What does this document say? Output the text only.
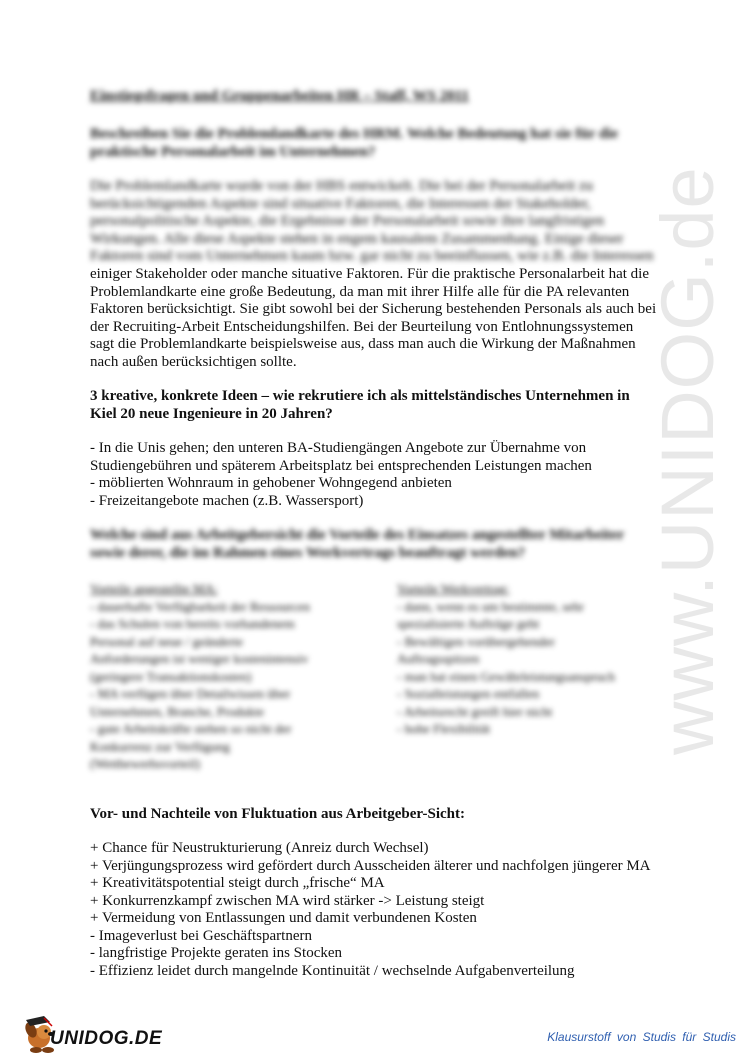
www.UNIDOG.de
Einstiegsfragen und Gruppenarbeiten HR – Staff, WS 2011
Beschreiben Sie die Problemlandkarte des HRM. Welche Bedeutung hat sie für die
praktische Personalarbeit im Unternehmen?
Die Problemlandkarte wurde von der HBS entwickelt. Die bei der Personalarbeit zu
berücksichtigenden Aspekte sind situative Faktoren, die Interessen der Stakeholder,
personalpolitische Aspekte, die Ergebnisse der Personalarbeit sowie ihre langfristigen
Wirkungen. Alle diese Aspekte stehen in engem kausalem Zusammenhang. Einige dieser
Faktoren sind vom Unternehmen kaum bzw. gar nicht zu beeinflussen, wie z.B. die Interessen
einiger Stakeholder oder manche situative Faktoren. Für die praktische Personalarbeit hat die
Problemlandkarte eine große Bedeutung, da man mit ihrer Hilfe alle für die PA relevanten
Faktoren berücksichtigt. Sie gibt sowohl bei der Sicherung bestehenden Personals als auch bei
der Recruiting-Arbeit Entscheidungshilfen. Bei der Beurteilung von Entlohnungssystemen
sagt die Problemlandkarte beispielsweise aus, dass man auch die Wirkung der Maßnahmen
nach außen berücksichtigen sollte.
3 kreative, konkrete Ideen – wie rekrutiere ich als mittelständisches Unternehmen in
Kiel 20 neue Ingenieure in 20 Jahren?
- In die Unis gehen; den unteren BA-Studiengängen Angebote zur Übernahme von
Studiengebühren und späterem Arbeitsplatz bei entsprechenden Leistungen machen
- möblierten Wohnraum in gehobener Wohngegend anbieten
- Freizeitangebote machen (z.B. Wassersport)
Welche sind aus Arbeitgebersicht die Vorteile des Einsatzes angestellter Mitarbeiter
sowie derer, die im Rahmen eines Werkvertrags beauftragt werden?
Vorteile angestellte MA:
- dauerhafte Verfügbarkeit der Ressourcen
- das Schulen von bereits vorhandenem
Personal auf neue / geänderte
Anforderungen ist weniger kostenintensiv
(geringere Transaktionskosten)
- MA verfügen über Detailwissen über
Unternehmen, Branche, Produkte
- gute Arbeitskräfte stehen so nicht der
Konkurrenz zur Verfügung
(Wettbewerbsvorteil)
Vorteile Werkvertrag:
- dann, wenn es um bestimmte, sehr
spezialisierte Aufträge geht
- Bewältigen vorübergehender
Auftragsspitzen
- man hat einen Gewährleistungsanspruch
- Sozialleistungen entfallen
- Arbeitsrecht greift hier nicht
- hohe Flexibilität
Vor- und Nachteile von Fluktuation aus Arbeitgeber-Sicht:
+ Chance für Neustrukturierung (Anreiz durch Wechsel)
+ Verjüngungsprozess wird gefördert durch Ausscheiden älterer und nachfolgen jüngerer MA
+ Kreativitätspotential steigt durch „frische“ MA
+ Konkurrenzkampf zwischen MA wird stärker -> Leistung steigt
+ Vermeidung von Entlassungen und damit verbundenen Kosten
- Imageverlust bei Geschäftspartnern
- langfristige Projekte geraten ins Stocken
- Effizienz leidet durch mangelnde Kontinuität / wechselnde Aufgabenverteilung
UNIDOG.DE	Klausurstoff von Studis für Studis
